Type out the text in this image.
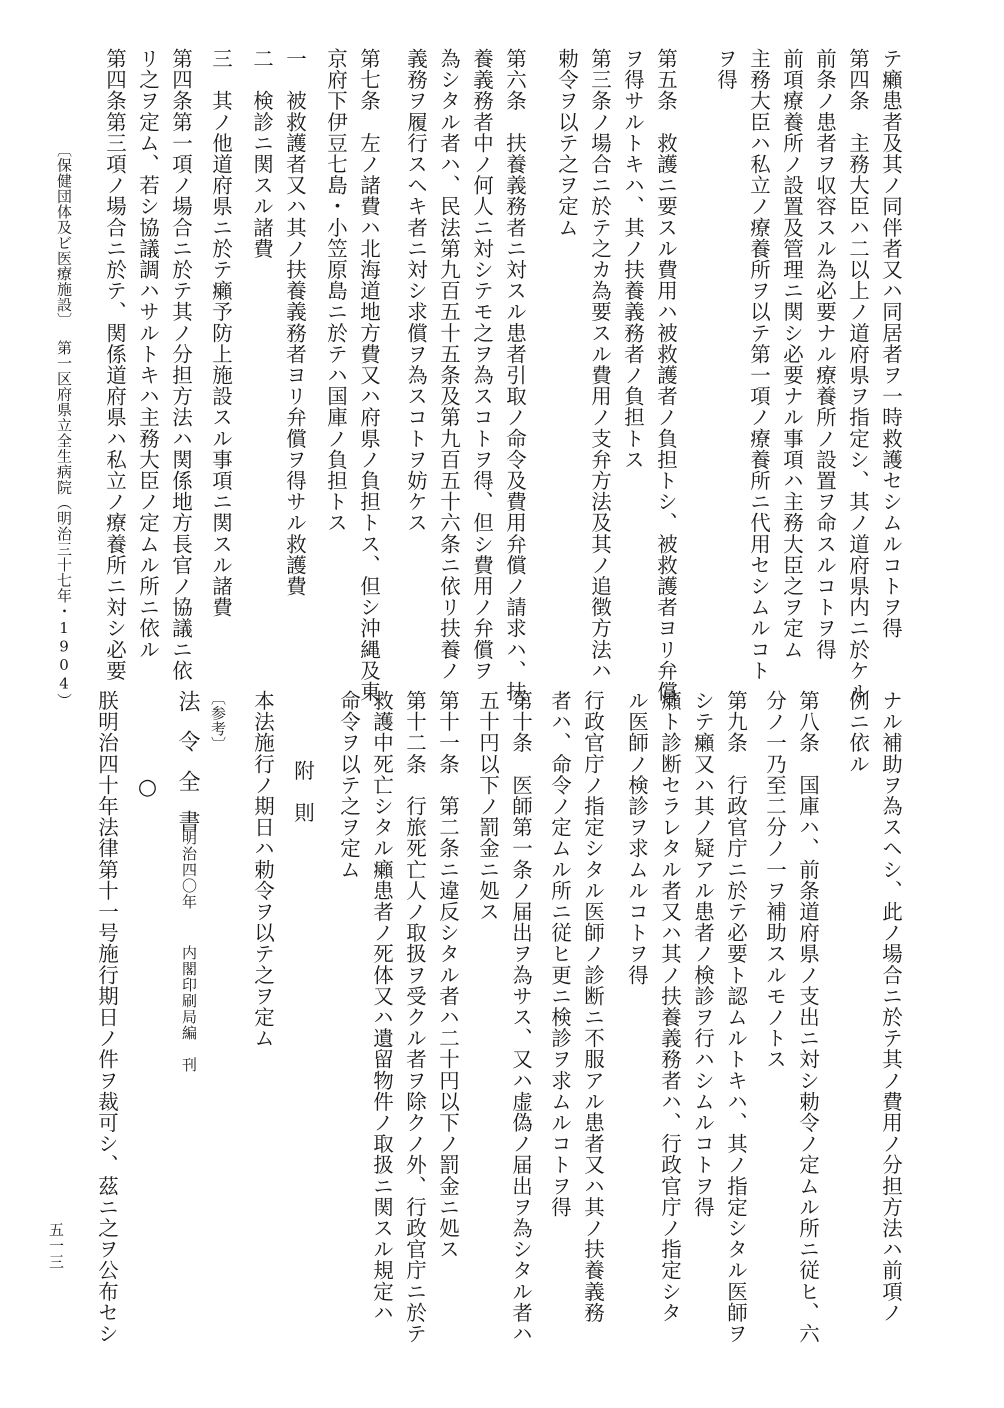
テ癩患者及其ノ同伴者又ハ同居者ヲ一時救護セシムルコトヲ得
第四条　主務大臣ハ二以上ノ道府県ヲ指定シ、其ノ道府県内ニ於ケル
前条ノ患者ヲ収容スル為必要ナル療養所ノ設置ヲ命スルコトヲ得
前項療養所ノ設置及管理ニ関シ必要ナル事項ハ主務大臣之ヲ定ム
主務大臣ハ私立ノ療養所ヲ以テ第一項ノ療養所ニ代用セシムルコト
ヲ得
第五条　救護ニ要スル費用ハ被救護者ノ負担トシ、被救護者ヨリ弁償
ヲ得サルトキハ、其ノ扶養義務者ノ負担トス
第三条ノ場合ニ於テ之カ為要スル費用ノ支弁方法及其ノ追徴方法ハ
勅令ヲ以テ之ヲ定ム
第六条　扶養義務者ニ対スル患者引取ノ命令及費用弁償ノ請求ハ、扶
養義務者中ノ何人ニ対シテモ之ヲ為スコトヲ得、但シ費用ノ弁償ヲ
為シタル者ハ、民法第九百五十五条及第九百五十六条ニ依リ扶養ノ
義務ヲ履行スヘキ者ニ対シ求償ヲ為スコトヲ妨ケス
第七条　左ノ諸費ハ北海道地方費又ハ府県ノ負担トス、但シ沖縄及東
京府下伊豆七島・小笠原島ニ於テハ国庫ノ負担トス
一　被救護者又ハ其ノ扶養義務者ヨリ弁償ヲ得サル救護費
二　検診ニ関スル諸費
三　其ノ他道府県ニ於テ癩予防上施設スル事項ニ関スル諸費
第四条第一項ノ場合ニ於テ其ノ分担方法ハ関係地方長官ノ協議ニ依
リ之ヲ定ム、若シ協議調ハサルトキハ主務大臣ノ定ムル所ニ依ル
第四条第三項ノ場合ニ於テ、関係道府県ハ私立ノ療養所ニ対シ必要
〔保健団体及ビ医療施設〕
第一区府県立全生病院
（明治三十七年・1904）
ナル補助ヲ為スヘシ、此ノ場合ニ於テ其ノ費用ノ分担方法ハ前項ノ
例ニ依ル
第八条　国庫ハ、前条道府県ノ支出ニ対シ勅令ノ定ムル所ニ従ヒ、六
分ノ一乃至二分ノ一ヲ補助スルモノトス
第九条　行政官庁ニ於テ必要ト認ムルトキハ、其ノ指定シタル医師ヲ
シテ癩又ハ其ノ疑アル患者ノ検診ヲ行ハシムルコトヲ得
癩ト診断セラレタル者又ハ其ノ扶養義務者ハ、行政官庁ノ指定シタ
ル医師ノ検診ヲ求ムルコトヲ得
行政官庁ノ指定シタル医師ノ診断ニ不服アル患者又ハ其ノ扶養義務
者ハ、命令ノ定ムル所ニ従ヒ更ニ検診ヲ求ムルコトヲ得
第十条　医師第一条ノ届出ヲ為サス、又ハ虚偽ノ届出ヲ為シタル者ハ
五十円以下ノ罰金ニ処ス
第十一条　第二条ニ違反シタル者ハ二十円以下ノ罰金ニ処ス
第十二条　行旅死亡人ノ取扱ヲ受クル者ヲ除クノ外、行政官庁ニ於テ
救護中死亡シタル癩患者ノ死体又ハ遺留物件ノ取扱ニ関スル規定ハ
命令ヲ以テ之ヲ定ム
附　則
本法施行ノ期日ハ勅令ヲ以テ之ヲ定ム
〔参考〕
法令全書
明治四〇年
内閣印刷局編　刊
○
朕明治四十年法律第十一号施行期日ノ件ヲ裁可シ、茲ニ之ヲ公布セシ
五一三
